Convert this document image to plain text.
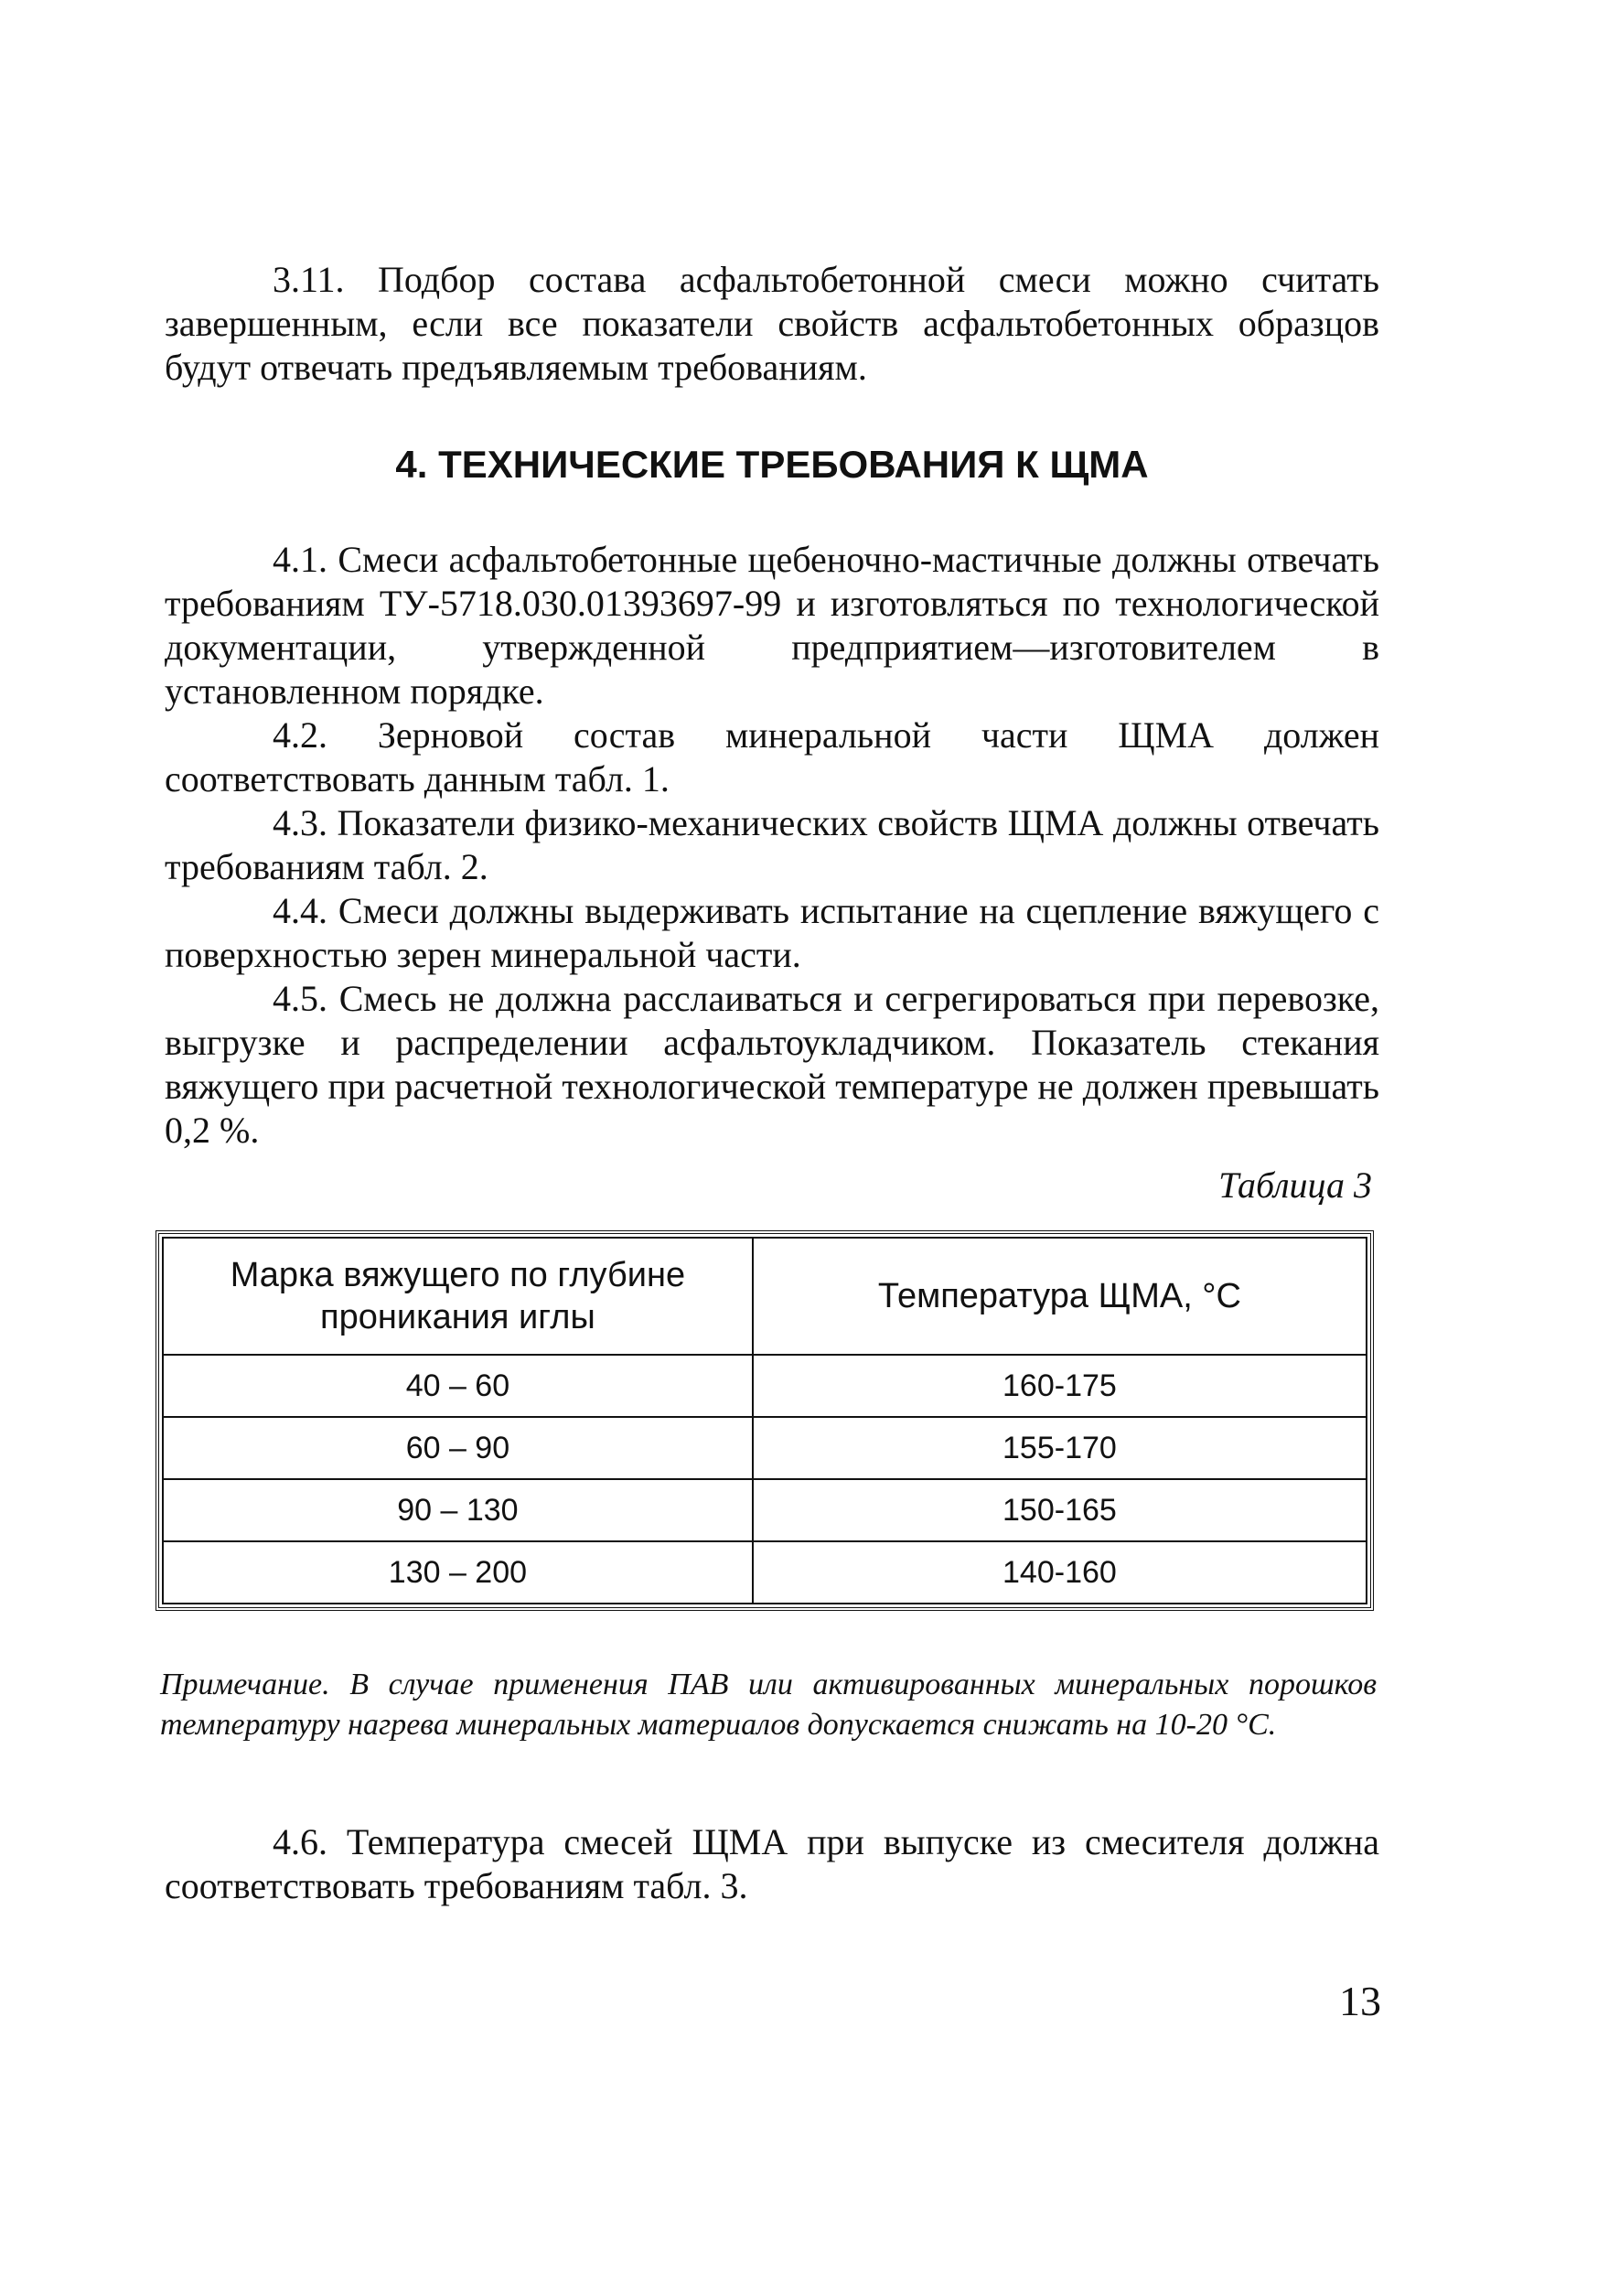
3.11. Подбор состава асфальтобетонной смеси можно считать завершенным, если все показатели свойств асфальтобетонных образцов будут отвечать предъявляемым требованиям.

4. ТЕХНИЧЕСКИЕ ТРЕБОВАНИЯ К ЩМА

4.1. Смеси асфальтобетонные щебеночно-мастичные должны отвечать требованиям ТУ-5718.030.01393697-99 и изготовляться по технологической документации, утвержденной предприятием—изготовителем в установленном порядке.

4.2. Зерновой состав минеральной части ЩМА должен соответствовать данным табл. 1.

4.3. Показатели физико-механических свойств ЩМА должны отвечать требованиям табл. 2.

4.4. Смеси должны выдерживать испытание на сцепление вяжущего с поверхностью зерен минеральной части.

4.5. Смесь не должна расслаиваться и сегрегироваться при перевозке, выгрузке и распределении асфальтоукладчиком. Показатель стекания вяжущего при расчетной технологической температуре не должен превышать 0,2 %.

Таблица 3

Марка вяжущего по глубине проникания иглы	Температура ЩМА, °С
40 – 60	160-175
60 – 90	155-170
90 – 130	150-165
130 – 200	140-160

Примечание. В случае применения ПАВ или активированных минеральных порошков температуру нагрева минеральных материалов допускается снижать на 10-20 °С.

4.6. Температура смесей ЩМА при выпуске из смесителя должна соответствовать требованиям табл. 3.

13
